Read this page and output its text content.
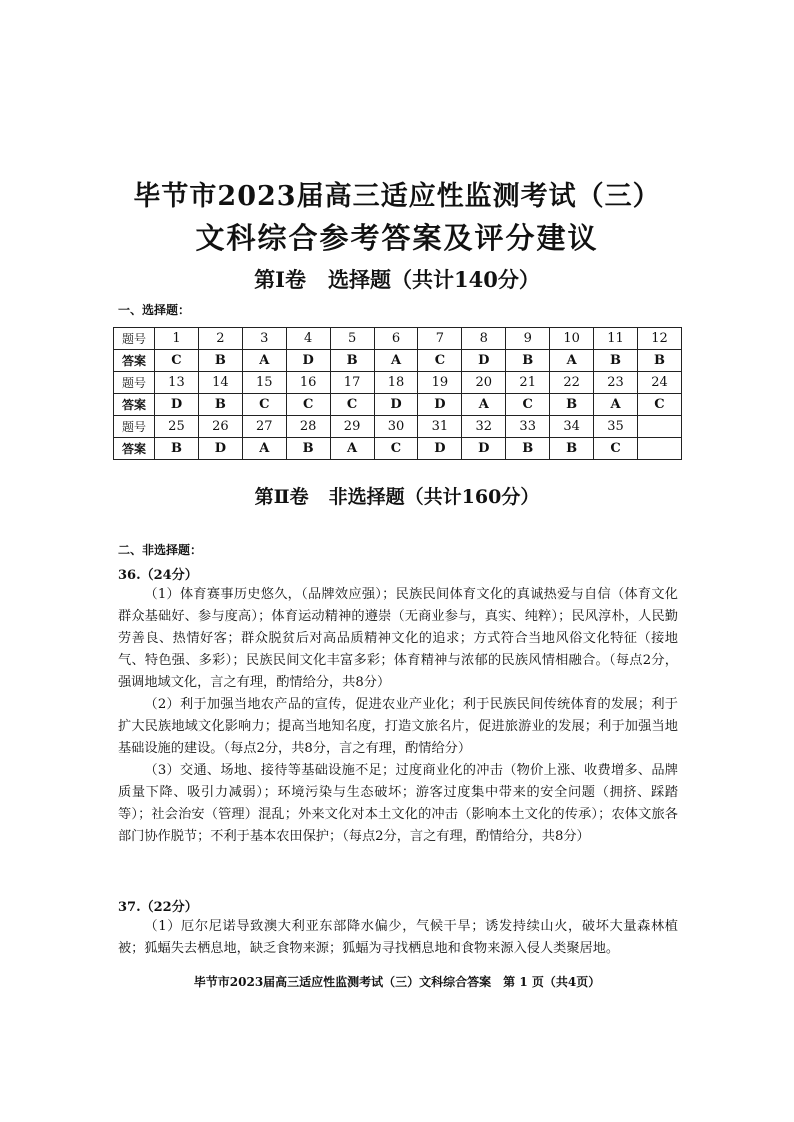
毕节市2023届高三适应性监测考试（三）
文科综合参考答案及评分建议
第Ⅰ卷 选择题（共计140分）
一、选择题：
题号	1	2	3	4	5	6	7	8	9	10	11	12
答案	C	B	A	D	B	A	C	D	B	A	B	B
题号	13	14	15	16	17	18	19	20	21	22	23	24
答案	D	B	C	C	C	D	D	A	C	B	A	C
题号	25	26	27	28	29	30	31	32	33	34	35	
答案	B	D	A	B	A	C	D	D	B	B	C	
第Ⅱ卷 非选择题（共计160分）
二、非选择题：
36.（24分）
（1）体育赛事历史悠久，（品牌效应强）；民族民间体育文化的真诚热爱与自信（体育文化群众基础好、参与度高）；体育运动精神的遵崇（无商业参与，真实、纯粹）；民风淳朴，人民勤劳善良、热情好客；群众脱贫后对高品质精神文化的追求；方式符合当地风俗文化特征（接地气、特色强、多彩）；民族民间文化丰富多彩；体育精神与浓郁的民族风情相融合。（每点2分，强调地域文化，言之有理，酌情给分，共8分）
（2）利于加强当地农产品的宣传，促进农业产业化；利于民族民间传统体育的发展；利于扩大民族地域文化影响力；提高当地知名度，打造文旅名片，促进旅游业的发展；利于加强当地基础设施的建设。（每点2分，共8分，言之有理，酌情给分）
（3）交通、场地、接待等基础设施不足；过度商业化的冲击（物价上涨、收费增多、品牌质量下降、吸引力减弱）；环境污染与生态破坏；游客过度集中带来的安全问题（拥挤、踩踏等）；社会治安（管理）混乱；外来文化对本土文化的冲击（影响本土文化的传承）；农体文旅各部门协作脱节；不利于基本农田保护；（每点2分，言之有理，酌情给分，共8分）
37.（22分）
（1）厄尔尼诺导致澳大利亚东部降水偏少，气候干旱；诱发持续山火，破坏大量森林植被；狐蝠失去栖息地，缺乏食物来源；狐蝠为寻找栖息地和食物来源入侵人类聚居地。
毕节市2023届高三适应性监测考试（三）文科综合答案　第 1 页（共4页）
